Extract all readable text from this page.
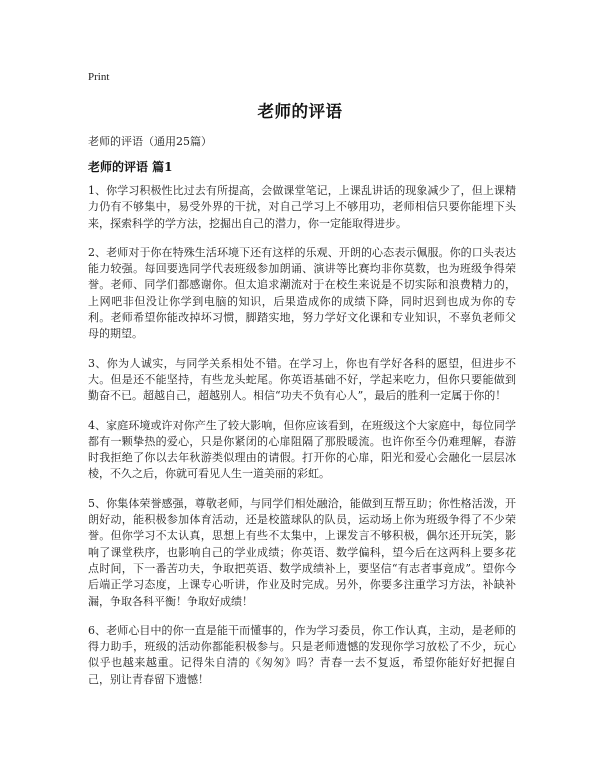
Print
老师的评语
老师的评语（通用25篇）
老师的评语 篇1

1、你学习积极性比过去有所提高，会做课堂笔记，上课乱讲话的现象减少了，但上课精力仍有不够集中，易受外界的干扰，对自己学习上不够用功，老师相信只要你能埋下头来，探索科学的学方法，挖掘出自己的潜力，你一定能取得进步。

2、老师对于你在特殊生活环境下还有这样的乐观、开朗的心态表示佩服。你的口头表达能力较强。每回要选同学代表班级参加朗诵、演讲等比赛均非你莫数，也为班级争得荣誉。老师、同学们都感谢你。但太追求潮流对于在校生来说是不切实际和浪费精力的，上网吧非但没让你学到电脑的知识，后果造成你的成绩下降，同时迟到也成为你的专利。老师希望你能改掉坏习惯，脚踏实地，努力学好文化课和专业知识，不辜负老师父母的期望。

3、你为人诚实，与同学关系相处不错。在学习上，你也有学好各科的愿望，但进步不大。但是还不能坚持，有些龙头蛇尾。你英语基础不好，学起来吃力，但你只要能做到勤奋不已。超越自己，超越别人。相信“功夫不负有心人”，最后的胜利一定属于你的！

4、家庭环境或许对你产生了较大影响，但你应该看到，在班级这个大家庭中，每位同学都有一颗挚热的爱心，只是你紧闭的心扉阻隔了那股暖流。也许你至今仍难理解，春游时我拒绝了你以去年秋游类似理由的请假。打开你的心扉，阳光和爱心会融化一层层冰棱，不久之后，你就可看见人生一道美丽的彩虹。

5、你集体荣誉感强，尊敬老师，与同学们相处融洽，能做到互帮互助；你性格活泼，开朗好动，能积极参加体育活动，还是校篮球队的队员，运动场上你为班级争得了不少荣誉。但你学习不太认真，思想上有些不太集中，上课发言不够积极，偶尔还开玩笑，影响了课堂秩序，也影响自己的学业成绩；你英语、数学偏科，望今后在这两科上要多花点时间，下一番苦功夫，争取把英语、数学成绩补上，要坚信“有志者事竟成”。望你今后端正学习态度，上课专心听讲，作业及时完成。另外，你要多注重学习方法，补缺补漏，争取各科平衡！争取好成绩！

6、老师心目中的你一直是能干而懂事的，作为学习委员，你工作认真，主动，是老师的得力助手，班级的活动你都能积极参与。只是老师遗憾的发现你学习放松了不少，玩心似乎也越来越重。记得朱自清的《匆匆》吗？青春一去不复返，希望你能好好把握自己，别让青春留下遗憾！
